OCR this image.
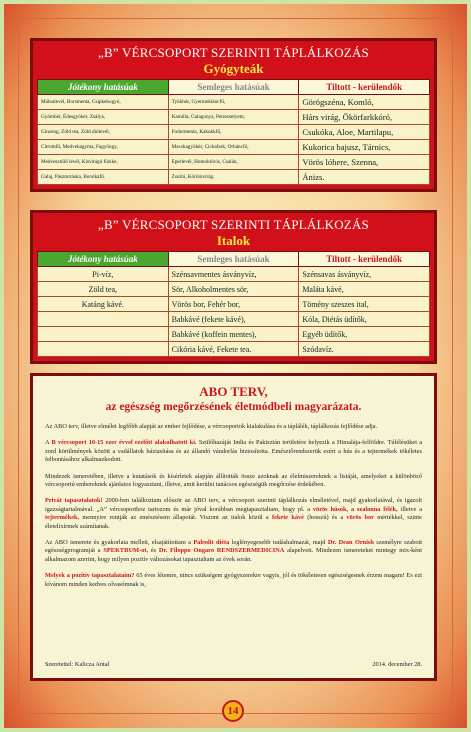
„B” VÉRCSOPORT SZERINTI TÁPLÁLKOZÁS
Gyógyteák
Jótékony hatásúak	Semleges hatásúak	Tiltott - kerülendők
Málnalevél, Borsmenta, Csipkebogyó,	Tyúkhúr, Gyermekláncfű,	Görögszéna, Komló,
Gyömbér, Édesgyökér, Zsálya,	Kamilla, Galagonya, Petrezselyem,	Hárs virág, Ökörfarkkóró,
Ginzeng, Zöld tea, Zöld diólevél,	Fodormenta, Kakukkfű,	Csukóka, Aloe, Martilapu,
Citromfű, Medvehagyma, Fagyöngy,	Macskagyökér, Cickafark, Orbáncfű,	Kukorica bajusz, Tárnics,
Medvesztőlő levél, Kisvirágú füzike,	Eperlevél, Homoktövis, Csalán,	Vörös lóhere, Szenna,
Galaj, Pásztortáska, Borsikafű.	Zsurló, Körömvirág.	Ánizs.
„B” VÉRCSOPORT SZERINTI TÁPLÁLKOZÁS
Italok
Jótékony hatásúak	Semleges hatásúak	Tiltott - kerülendők
Pi-víz,	Szénsavmentes ásványvíz,	Szénsavas ásványvíz,
Zöld tea,	Sör, Alkoholmentes sör,	Maláta kávé,
Katáng kávé.	Vörös bor, Fehér bor,	Tömény szeszes ital,
	Babkávé (fekete kávé),	Kóla, Diétás üdítők,
	Babkávé (koffein mentes),	Egyéb üdítők,
	Cikória kávé, Fekete tea.	Szódavíz.
ABO TERV,
az egészség megőrzésének életmódbeli magyarázata.

Az ABO terv, illetve elmélet legfőbb alapját az ember fejlődése, a vércsoportok kialakulása és a táplálék, táplálkozás fejlődése adja.

A B vércsoport 10-15 ezer évvel ezelőtt alakulhatott ki. Szülőhazáját India és Pakisztán területére helyezik a Himalája-felföldre. Túlélésüket a zord körülmények között a vadállatok háziasítása és az állandó vándorlás biztosította. Emésztőrendszerük ezért a hús és a tejtermékek tökéletes felbontásához alkalmazkodott.

Mindezek ismeretében, illetve a kutatások és kísérletek alapján állították össze azoknak az élelmiszereknek a listáját, amelyeket a különböző vércsoportú embereknek ajánlatos fogyasztani, illetve, amit kerülni tanácsos egészségük megőrzése érdekében.

Privát tapasztalatok! 2000-ben találkoztam először az ABO terv, a vércsoport szerinti táplálkozás elméletével, majd gyakorlatával, és igazolt igazságtartalmával. „A” vércsoporthoz tartozom és már jóval korábban megtapasztaltam, hogy pl. a vörös húsok, a szalonna félék, illetve a tejtermékek, mennyire rontják az emésztésem állapotát. Viszont az italok közül a fekete kávé (hosszú) és a vörös bor mértékkel, szinte életelixírmek számítanak.

Az ABO ismerete és gyakorlata mellett, elsajátítottam a Paleolit diéta leglényegesebb tudáshalmazát, majd Dr. Dean Ornish személyre szabott egészségprogramját a SPEKTRUM-ot, és Dr. Filoppo Ongaro RENDSZERMEDICINA alapelveit. Mindezen ismereteket mintegy mix-ként alkalmazom azerint, hogy milyen pozitív változásokat tapasztaltam az évek során.

Melyek a pozitív tapasztalataim? 65 éves létemre, nincs szükségem gyógyszerekre vagyis, jól és tökéletesen egészségesnek érzem magam! Es ezt kívánom minden kedves olvasómnak is,

Szeretettel: Kalicza Antal	2014. december 28.
14
